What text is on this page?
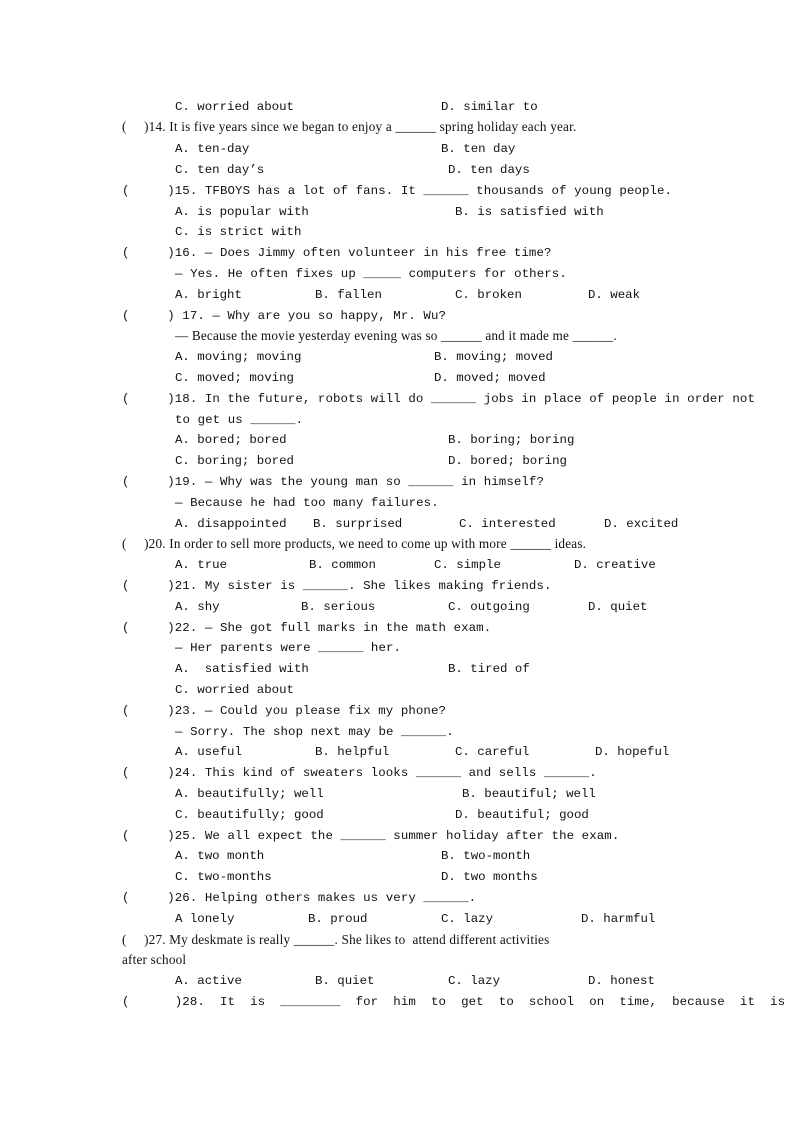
C. worried about	D. similar to
(     )14. It is five years since we began to enjoy a ______ spring holiday each year.
A. ten-day	B. ten day
C. ten day’s	D. ten days
(     )15. TFBOYS has a lot of fans. It ______ thousands of young people.
A. is popular with	B. is satisfied with
C. is strict with
(     )16. — Does Jimmy often volunteer in his free time?
— Yes. He often fixes up _____ computers for others.
A. bright	B. fallen	C. broken	D. weak
(     ) 17. — Why are you so happy, Mr. Wu?
— Because the movie yesterday evening was so ______ and it made me ______.
A. moving; moving	B. moving; moved
C. moved; moving	D. moved; moved
(     )18. In the future, robots will do ______ jobs in place of people in order not
to get us ______.
A. bored; bored	B. boring; boring
C. boring; bored	D. bored; boring
(     )19. — Why was the young man so ______ in himself?
— Because he had too many failures.
A. disappointed B. surprised	C. interested	D. excited
(     )20. In order to sell more products, we need to come up with more ______ ideas.
A. true	B. common	C. simple	D. creative
(     )21. My sister is ______. She likes making friends.
A. shy	B. serious	C. outgoing	D. quiet
(     )22. — She got full marks in the math exam.
— Her parents were ______ her.
A.  satisfied with	B. tired of
C. worried about
(     )23. — Could you please fix my phone?
— Sorry. The shop next may be ______.
A. useful	B. helpful	C. careful	D. hopeful
(     )24. This kind of sweaters looks ______ and sells ______.
A. beautifully; well	B. beautiful; well
C. beautifully; good	D. beautiful; good
(     )25. We all expect the ______ summer holiday after the exam.
A. two month	B. two-month
C. two-months	D. two months
(     )26. Helping others makes us very ______.
A lonely	B. proud	C. lazy	D. harmful
(     )27. My deskmate is really ______. She likes to  attend different activities
after school
A. active	B. quiet	C. lazy	D. honest
(      )28.  It  is  ________  for  him  to  get  to  school  on  time,  because  it  is
